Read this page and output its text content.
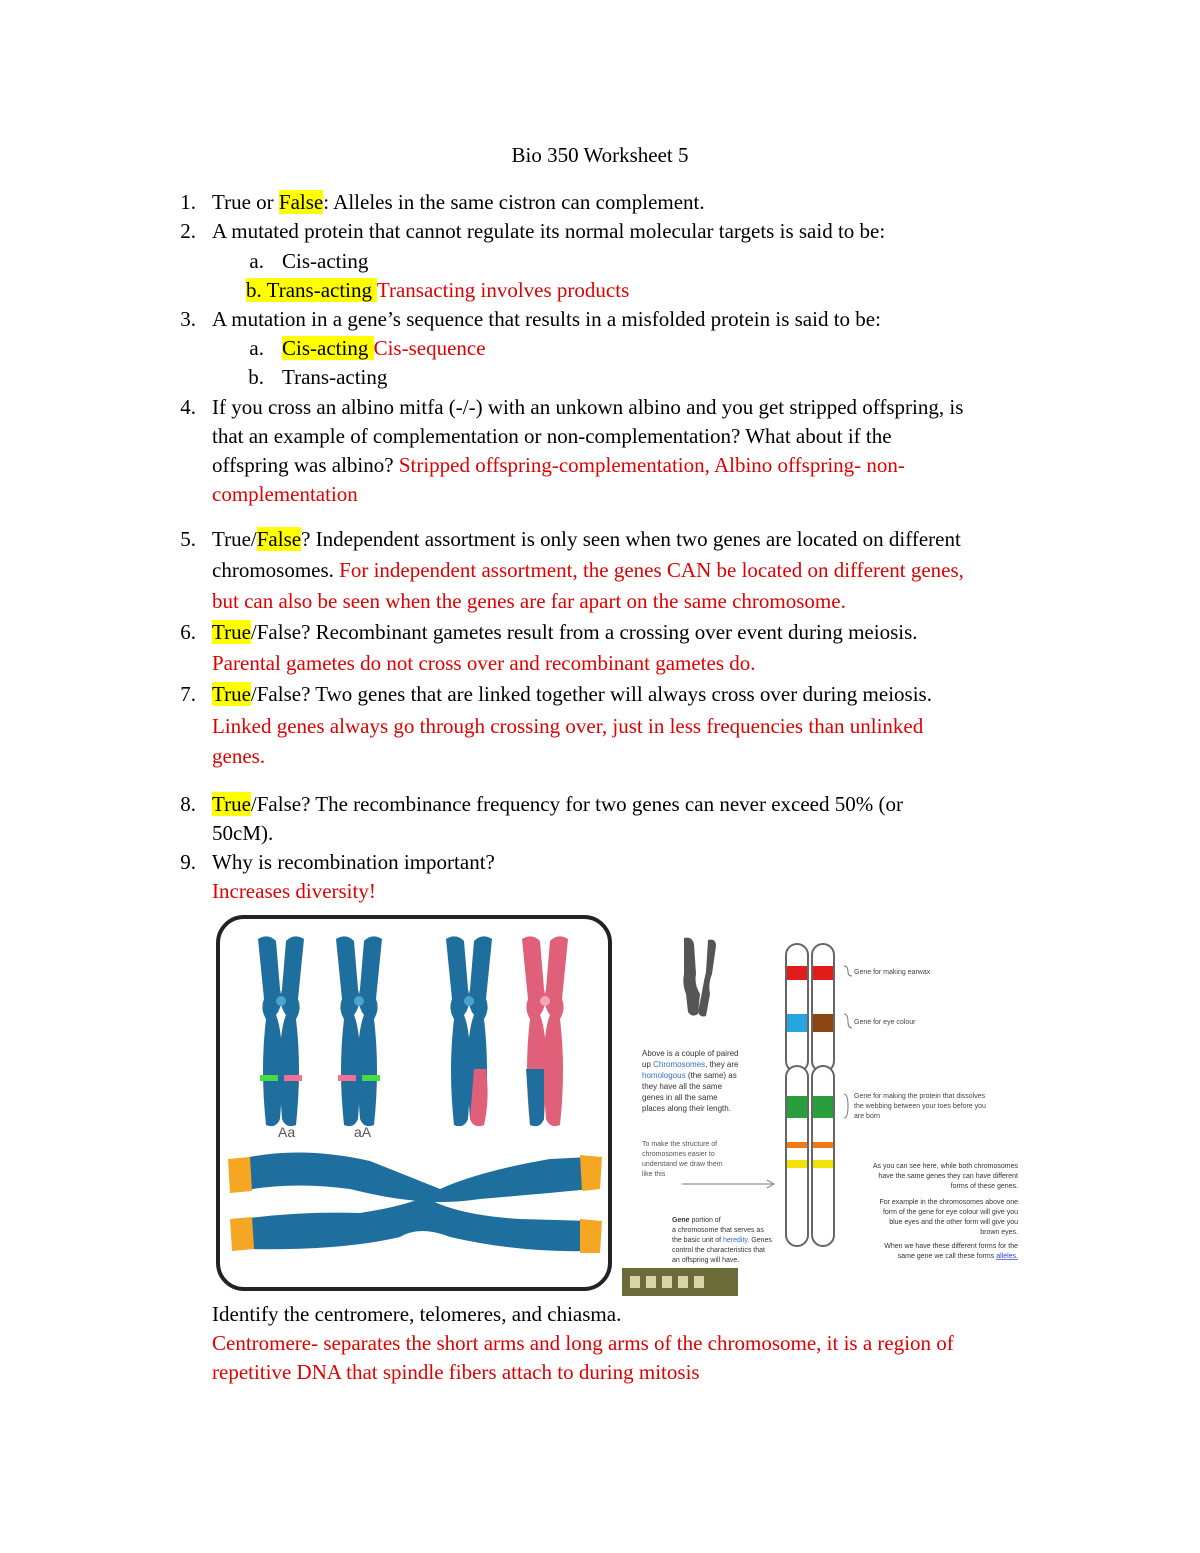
Bio 350 Worksheet 5
1. True or False: Alleles in the same cistron can complement.
2. A mutated protein that cannot regulate its normal molecular targets is said to be:
a. Cis-acting
b. Trans-acting Transacting involves products
3. A mutation in a gene’s sequence that results in a misfolded protein is said to be:
a. Cis-acting Cis-sequence
b. Trans-acting
4. If you cross an albino mitfa (-/-) with an unkown albino and you get stripped offspring, is
that an example of complementation or non-complementation? What about if the
offspring was albino? Stripped offspring-complementation, Albino offspring- non-
complementation
5. True/False? Independent assortment is only seen when two genes are located on different
chromosomes. For independent assortment, the genes CAN be located on different genes,
but can also be seen when the genes are far apart on the same chromosome.
6. True/False? Recombinant gametes result from a crossing over event during meiosis.
Parental gametes do not cross over and recombinant gametes do.
7. True/False? Two genes that are linked together will always cross over during meiosis.
Linked genes always go through crossing over, just in less frequencies than unlinked
genes.
8. True/False? The recombinance frequency for two genes can never exceed 50% (or
50cM).
9. Why is recombination important?
Increases diversity!
Aa	aA
Gene for making earwax
Gene for eye colour
Gene for making the protein that dissolves
the webbing between your toes before you
are born
Above is a couple of paired
up Chromosomes, they are
homologous (the same) as
they have all the same
genes in all the same
places along their length.
To make the structure of
chromosomes easier to
understand we draw them
like this
Gene portion of
a chromosome that serves as
the basic unit of heredity. Genes
control the characteristics that
an offspring will have.
As you can see here, while both chromosomes
have the same genes they can have different
forms of these genes.
For example in the chromosomes above one
form of the gene for eye colour will give you
blue eyes and the other form will give you
brown eyes.
When we have these different forms for the
same gene we call these forms alleles.
Identify the centromere, telomeres, and chiasma.
Centromere- separates the short arms and long arms of the chromosome, it is a region of
repetitive DNA that spindle fibers attach to during mitosis
